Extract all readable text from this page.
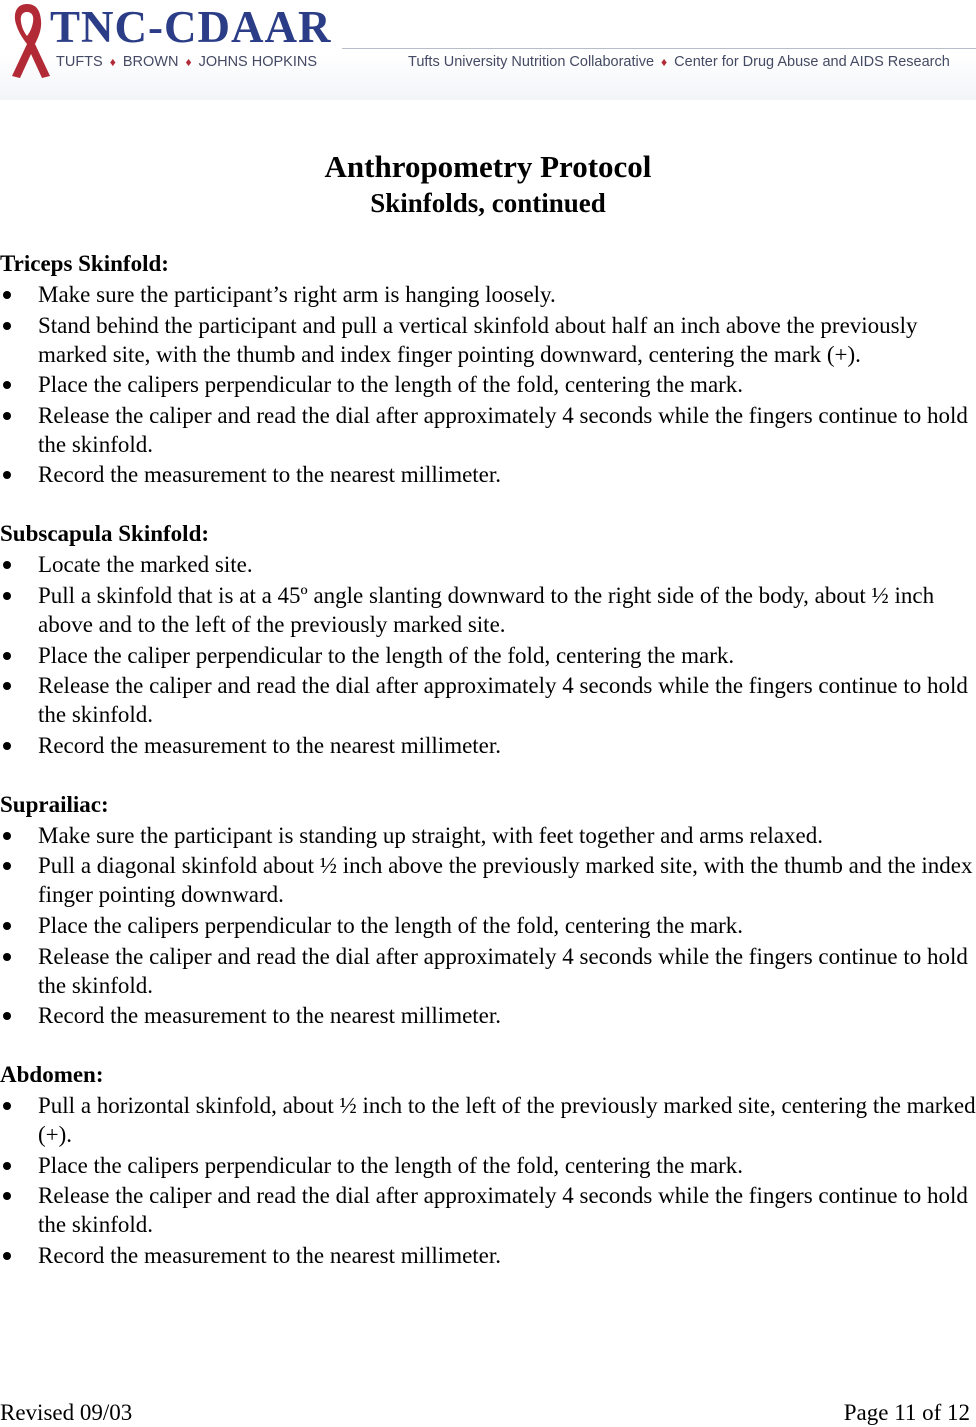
TNC-CDAAR
TUFTS ♦ BROWN ♦ JOHNS HOPKINS	Tufts University Nutrition Collaborative ♦ Center for Drug Abuse and AIDS Research
Anthropometry Protocol
Skinfolds, continued

Triceps Skinfold:

Make sure the participant’s right arm is hanging loosely.
Stand behind the participant and pull a vertical skinfold about half an inch above the previously marked site, with the thumb and index finger pointing downward, centering the mark (+).
Place the calipers perpendicular to the length of the fold, centering the mark.
Release the caliper and read the dial after approximately 4 seconds while the fingers continue to hold the skinfold.
Record the measurement to the nearest millimeter.

Subscapula Skinfold:

Locate the marked site.
Pull a skinfold that is at a 45º angle slanting downward to the right side of the body, about ½ inch above and to the left of the previously marked site.
Place the caliper perpendicular to the length of the fold, centering the mark.
Release the caliper and read the dial after approximately 4 seconds while the fingers continue to hold the skinfold.
Record the measurement to the nearest millimeter.

Suprailiac:

Make sure the participant is standing up straight, with feet together and arms relaxed.
Pull a diagonal skinfold about ½ inch above the previously marked site, with the thumb and the index finger pointing downward.
Place the calipers perpendicular to the length of the fold, centering the mark.
Release the caliper and read the dial after approximately 4 seconds while the fingers continue to hold the skinfold.
Record the measurement to the nearest millimeter.

Abdomen:

Pull a horizontal skinfold, about ½ inch to the left of the previously marked site, centering the marked (+).
Place the calipers perpendicular to the length of the fold, centering the mark.
Release the caliper and read the dial after approximately 4 seconds while the fingers continue to hold the skinfold.
Record the measurement to the nearest millimeter.
Revised 09/03	Page 11 of 12
